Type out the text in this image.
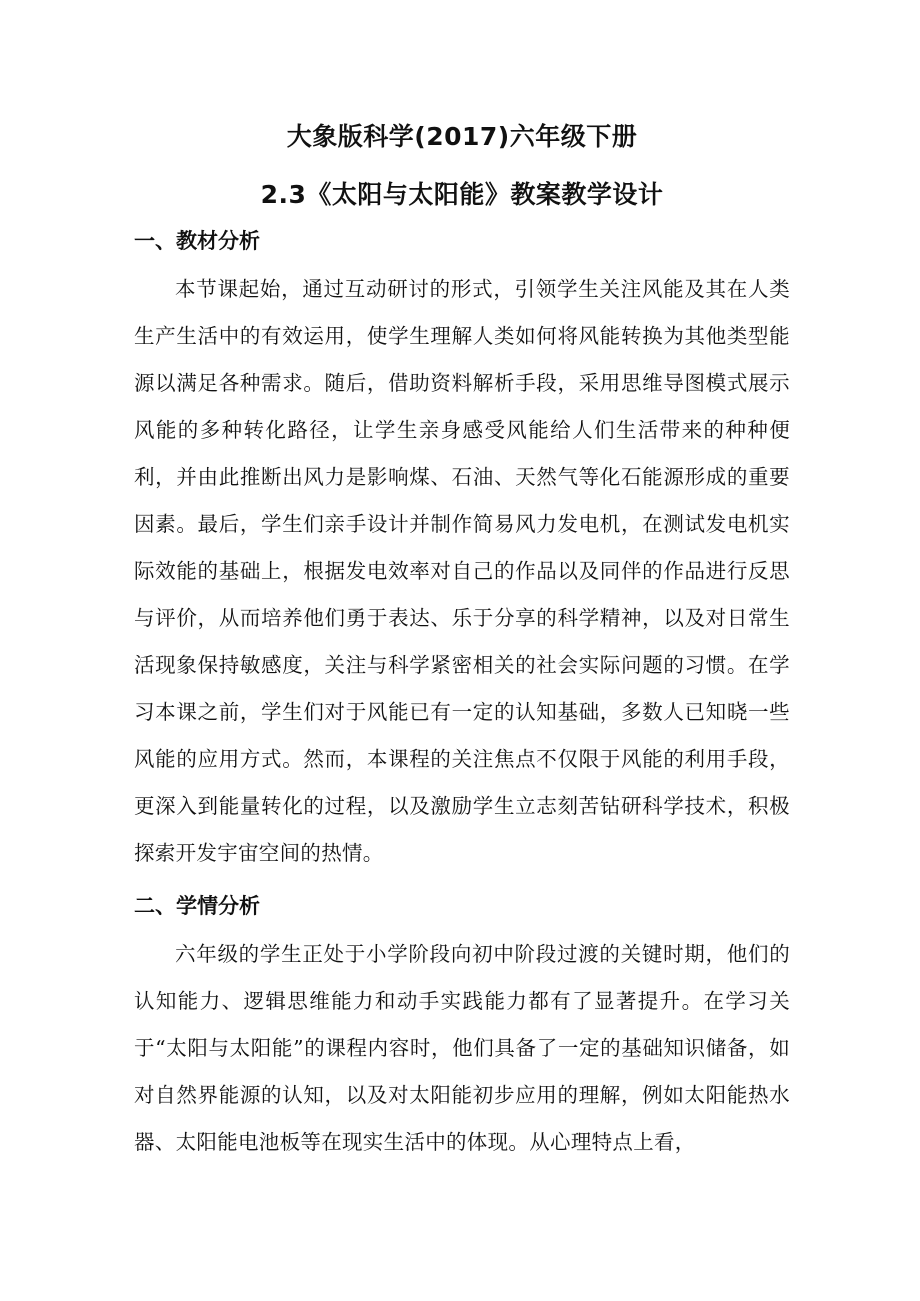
大象版科学(2017)六年级下册
2.3《太阳与太阳能》教案教学设计
一、教材分析

本节课起始，通过互动研讨的形式，引领学生关注风能及其在人类生产生活中的有效运用，使学生理解人类如何将风能转换为其他类型能源以满足各种需求。随后，借助资料解析手段，采用思维导图模式展示风能的多种转化路径，让学生亲身感受风能给人们生活带来的种种便利，并由此推断出风力是影响煤、石油、天然气等化石能源形成的重要因素。最后，学生们亲手设计并制作简易风力发电机，在测试发电机实际效能的基础上，根据发电效率对自己的作品以及同伴的作品进行反思与评价，从而培养他们勇于表达、乐于分享的科学精神，以及对日常生活现象保持敏感度，关注与科学紧密相关的社会实际问题的习惯。在学习本课之前，学生们对于风能已有一定的认知基础，多数人已知晓一些风能的应用方式。然而，本课程的关注焦点不仅限于风能的利用手段，更深入到能量转化的过程，以及激励学生立志刻苦钻研科学技术，积极探索开发宇宙空间的热情。

二、学情分析

六年级的学生正处于小学阶段向初中阶段过渡的关键时期，他们的认知能力、逻辑思维能力和动手实践能力都有了显著提升。在学习关于“太阳与太阳能”的课程内容时，他们具备了一定的基础知识储备，如对自然界能源的认知，以及对太阳能初步应用的理解，例如太阳能热水器、太阳能电池板等在现实生活中的体现。从心理特点上看，
